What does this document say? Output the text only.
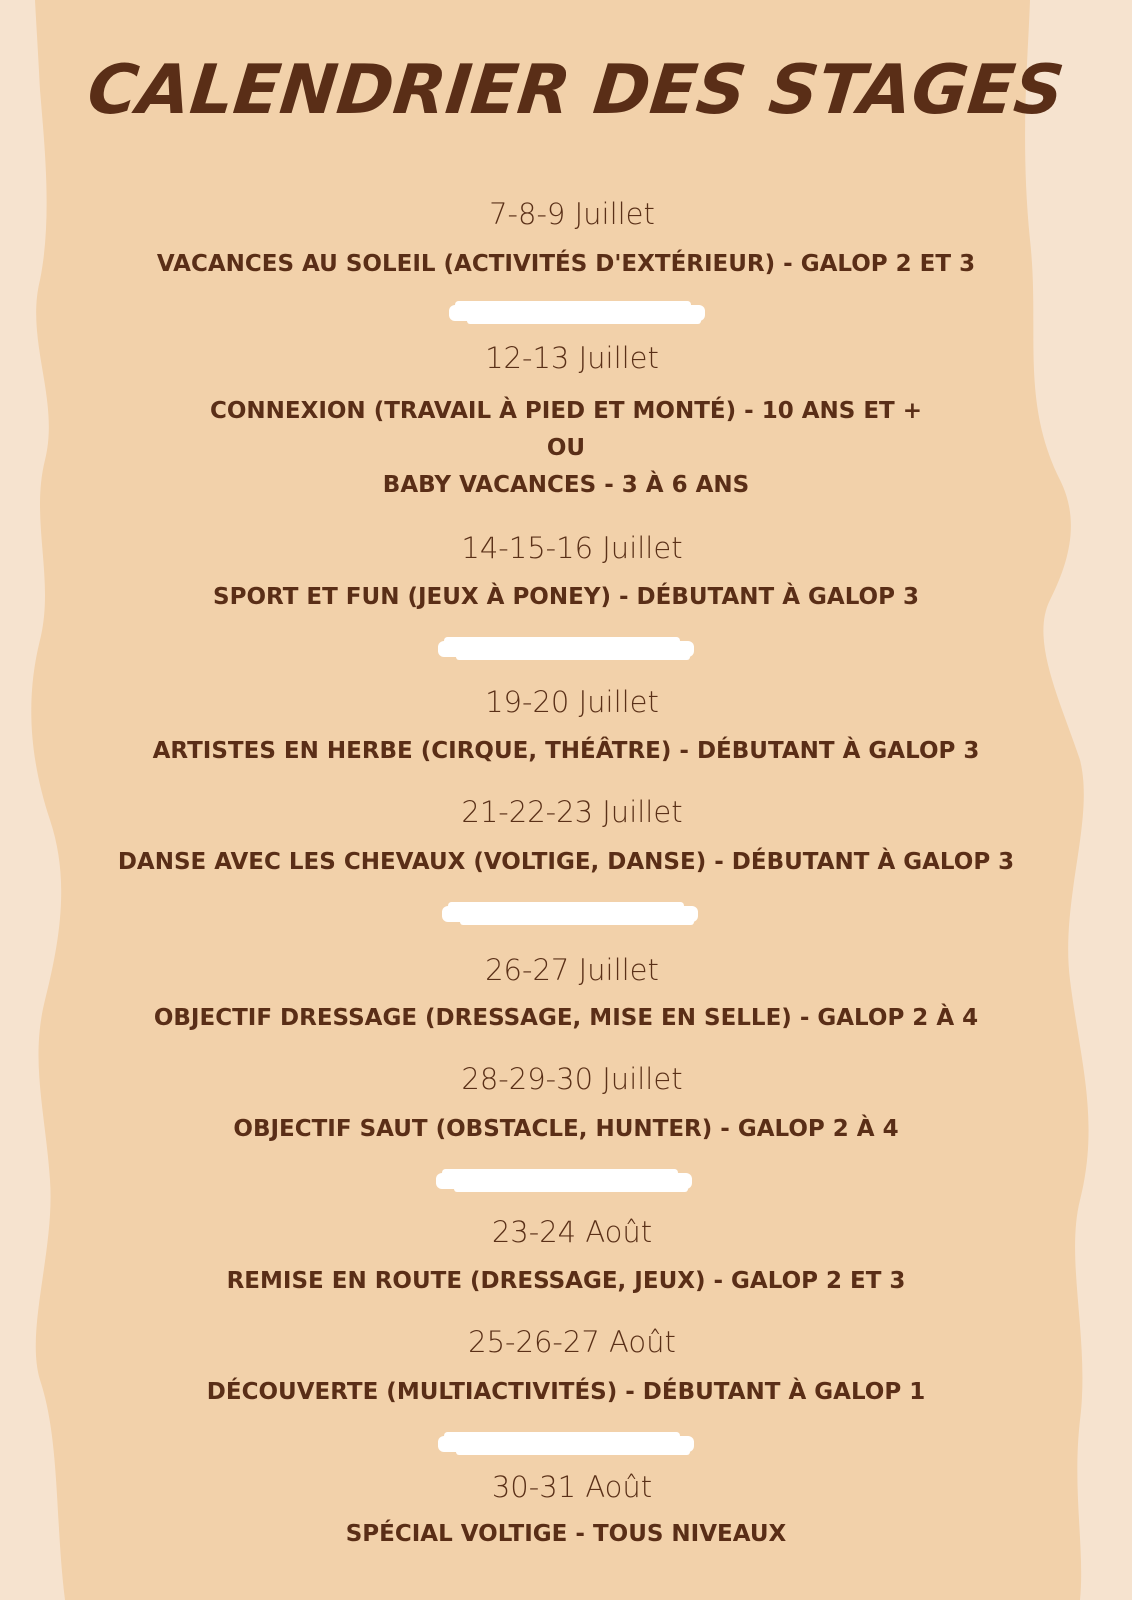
CALENDRIER DES STAGES
7-8-9 Juillet
VACANCES AU SOLEIL (ACTIVITÉS D'EXTÉRIEUR) - GALOP 2 ET 3
12-13 Juillet
CONNEXION (TRAVAIL À PIED ET MONTÉ) - 10 ANS ET +
OU
BABY VACANCES - 3 À 6 ANS
14-15-16 Juillet
SPORT ET FUN (JEUX À PONEY) - DÉBUTANT À GALOP 3
19-20 Juillet
ARTISTES EN HERBE (CIRQUE, THÉÂTRE) - DÉBUTANT À GALOP 3
21-22-23 Juillet
DANSE AVEC LES CHEVAUX (VOLTIGE, DANSE) - DÉBUTANT À GALOP 3
26-27 Juillet
OBJECTIF DRESSAGE (DRESSAGE, MISE EN SELLE) - GALOP 2 À 4
28-29-30 Juillet
OBJECTIF SAUT (OBSTACLE, HUNTER) - GALOP 2 À 4
23-24 Août
REMISE EN ROUTE (DRESSAGE, JEUX) - GALOP 2 ET 3
25-26-27 Août
DÉCOUVERTE (MULTIACTIVITÉS) - DÉBUTANT À GALOP 1
30-31 Août
SPÉCIAL VOLTIGE - TOUS NIVEAUX
